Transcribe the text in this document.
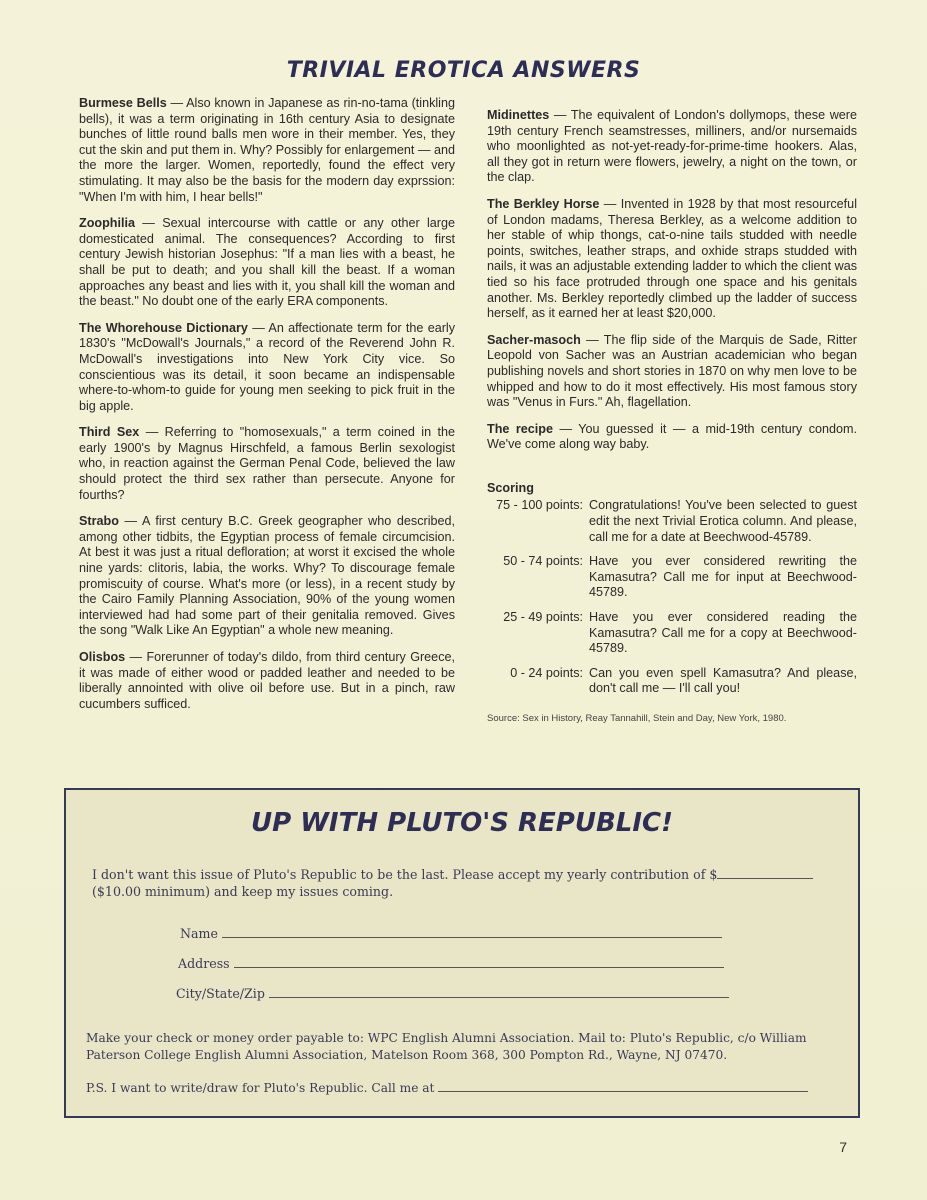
TRIVIAL EROTICA ANSWERS
Burmese Bells — Also known in Japanese as rin-no-tama (tinkling bells), it was a term originating in 16th century Asia to designate bunches of little round balls men wore in their member. Yes, they cut the skin and put them in. Why? Possibly for enlargement — and the more the larger. Women, reportedly, found the effect very stimulating. It may also be the basis for the modern day exprssion: "When I'm with him, I hear bells!"
Zoophilia — Sexual intercourse with cattle or any other large domesticated animal. The consequences? According to first century Jewish historian Josephus: "If a man lies with a beast, he shall be put to death; and you shall kill the beast. If a woman approaches any beast and lies with it, you shall kill the woman and the beast." No doubt one of the early ERA components.
The Whorehouse Dictionary — An affectionate term for the early 1830's "McDowall's Journals," a record of the Reverend John R. McDowall's investigations into New York City vice. So conscientious was its detail, it soon became an indispensable where-to-whom-to guide for young men seeking to pick fruit in the big apple.
Third Sex — Referring to "homosexuals," a term coined in the early 1900's by Magnus Hirschfeld, a famous Berlin sexologist who, in reaction against the German Penal Code, believed the law should protect the third sex rather than persecute. Anyone for fourths?
Strabo — A first century B.C. Greek geographer who described, among other tidbits, the Egyptian process of female circumcision. At best it was just a ritual defloration; at worst it excised the whole nine yards: clitoris, labia, the works. Why? To discourage female promiscuity of course. What's more (or less), in a recent study by the Cairo Family Planning Association, 90% of the young women interviewed had had some part of their genitalia removed. Gives the song "Walk Like An Egyptian" a whole new meaning.
Olisbos — Forerunner of today's dildo, from third century Greece, it was made of either wood or padded leather and needed to be liberally annointed with olive oil before use. But in a pinch, raw cucumbers sufficed.
Midinettes — The equivalent of London's dollymops, these were 19th century French seamstresses, milliners, and/or nursemaids who moonlighted as not-yet-ready-for-prime-time hookers. Alas, all they got in return were flowers, jewelry, a night on the town, or the clap.
The Berkley Horse — Invented in 1928 by that most resourceful of London madams, Theresa Berkley, as a welcome addition to her stable of whip thongs, cat-o-nine tails studded with needle points, switches, leather straps, and oxhide straps studded with nails, it was an adjustable extending ladder to which the client was tied so his face protruded through one space and his genitals another. Ms. Berkley reportedly climbed up the ladder of success herself, as it earned her at least $20,000.
Sacher-masoch — The flip side of the Marquis de Sade, Ritter Leopold von Sacher was an Austrian academician who began publishing novels and short stories in 1870 on why men love to be whipped and how to do it most effectively. His most famous story was "Venus in Furs." Ah, flagellation.
The recipe — You guessed it — a mid-19th century condom. We've come along way baby.
Scoring
75 - 100 points: Congratulations! You've been selected to guest edit the next Trivial Erotica column. And please, call me for a date at Beechwood-45789.
50 - 74 points: Have you ever considered rewriting the Kamasutra? Call me for input at Beechwood-45789.
25 - 49 points: Have you ever considered reading the Kamasutra? Call me for a copy at Beechwood-45789.
0 - 24 points: Can you even spell Kamasutra? And please, don't call me — I'll call you!
Source: Sex in History, Reay Tannahill, Stein and Day, New York, 1980.
UP WITH PLUTO'S REPUBLIC!
I don't want this issue of Pluto's Republic to be the last. Please accept my yearly contribution of $
($10.00 minimum) and keep my issues coming.
Name
Address
City/State/Zip
Make your check or money order payable to: WPC English Alumni Association. Mail to: Pluto's Republic, c/o William Paterson College English Alumni Association, Matelson Room 368, 300 Pompton Rd., Wayne, NJ 07470.
P.S. I want to write/draw for Pluto's Republic. Call me at
7
